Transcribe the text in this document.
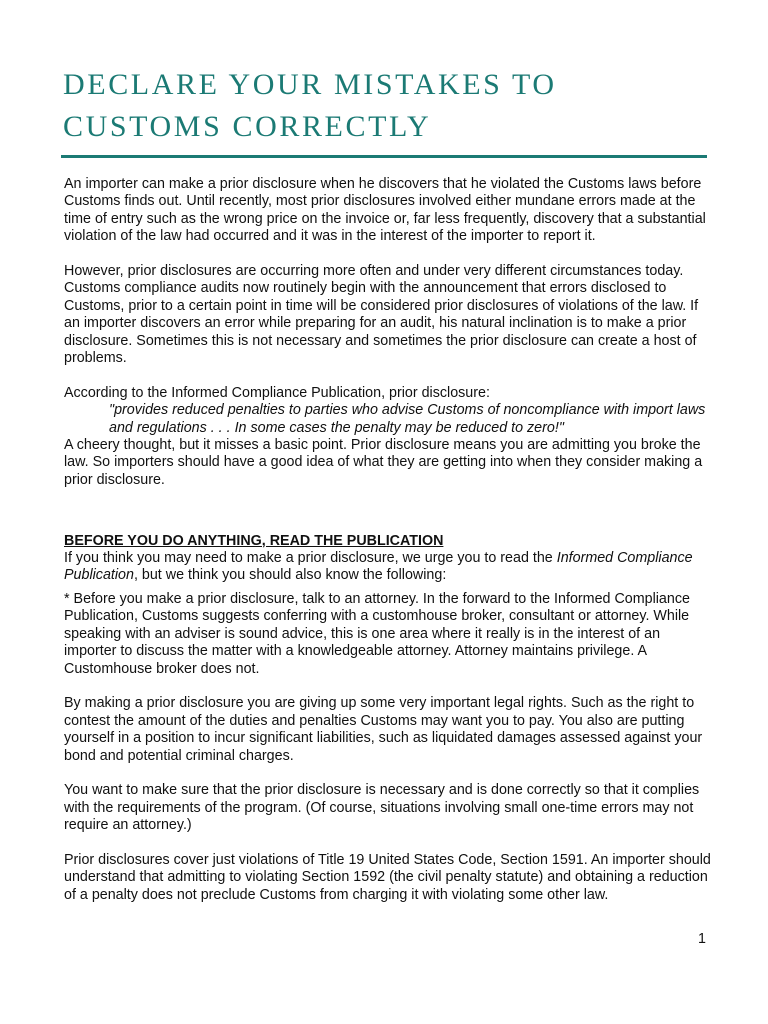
DECLARE YOUR MISTAKES TO
CUSTOMS CORRECTLY

An importer can make a prior disclosure when he discovers that he violated the Customs laws before Customs finds out. Until recently, most prior disclosures involved either mundane errors made at the time of entry such as the wrong price on the invoice or, far less frequently, discovery that a substantial violation of the law had occurred and it was in the interest of the importer to report it.

However, prior disclosures are occurring more often and under very different circumstances today. Customs compliance audits now routinely begin with the announcement that errors disclosed to Customs, prior to a certain point in time will be considered prior disclosures of violations of the law. If an importer discovers an error while preparing for an audit, his natural inclination is to make a prior disclosure. Sometimes this is not necessary and sometimes the prior disclosure can create a host of problems.

According to the Informed Compliance Publication, prior disclosure:

"provides reduced penalties to parties who advise Customs of noncompliance with import laws and regulations . . . In some cases the penalty may be reduced to zero!"

A cheery thought, but it misses a basic point. Prior disclosure means you are admitting you broke the law. So importers should have a good idea of what they are getting into when they consider making a prior disclosure.

BEFORE YOU DO ANYTHING, READ THE PUBLICATION

If you think you may need to make a prior disclosure, we urge you to read the Informed Compliance Publication, but we think you should also know the following:

* Before you make a prior disclosure, talk to an attorney. In the forward to the Informed Compliance Publication, Customs suggests conferring with a customhouse broker, consultant or attorney. While speaking with an adviser is sound advice, this is one area where it really is in the interest of an importer to discuss the matter with a knowledgeable attorney. Attorney maintains privilege. A Customhouse broker does not.

By making a prior disclosure you are giving up some very important legal rights. Such as the right to contest the amount of the duties and penalties Customs may want you to pay. You also are putting yourself in a position to incur significant liabilities, such as liquidated damages assessed against your bond and potential criminal charges.

You want to make sure that the prior disclosure is necessary and is done correctly so that it complies with the requirements of the program. (Of course, situations involving small one-time errors may not require an attorney.)

Prior disclosures cover just violations of Title 19 United States Code, Section 1591. An importer should understand that admitting to violating Section 1592 (the civil penalty statute) and obtaining a reduction of a penalty does not preclude Customs from charging it with violating some other law.

1
